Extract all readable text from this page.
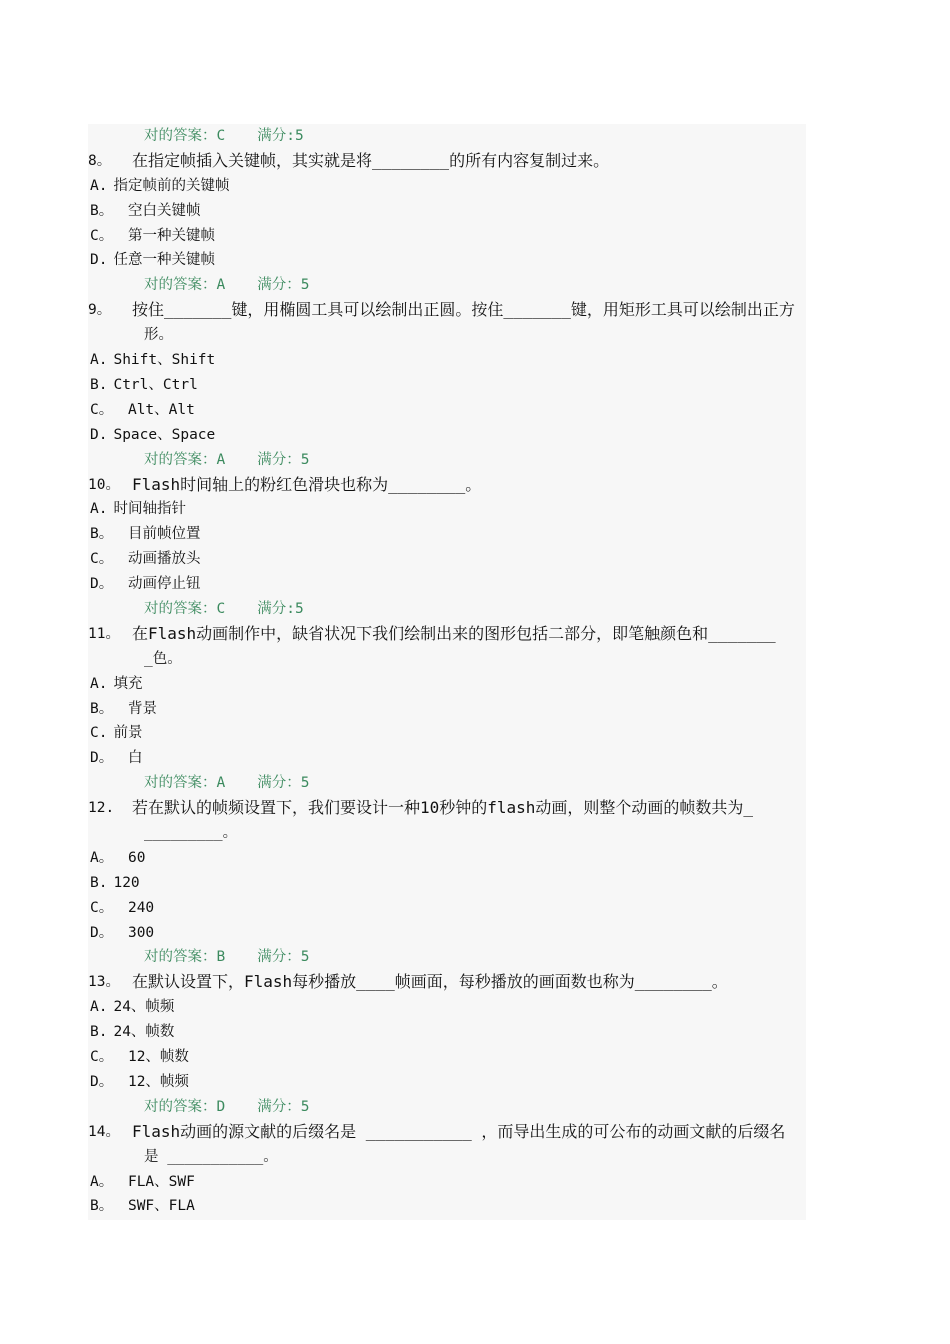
对的答案：C 满分:5
8。	在指定帧插入关键帧，其实就是将________的所有内容复制过来。
A. 指定帧前的关键帧
B。 空白关键帧
C。 第一种关键帧
D. 任意一种关键帧
对的答案：A 满分：5
9。	按住_______键，用椭圆工具可以绘制出正圆。按住_______键，用矩形工具可以绘制出正方
形。
A. Shift、Shift
B. Ctrl、Ctrl
C。 Alt、Alt
D. Space、Space
对的答案：A 满分：5
10。 Flash时间轴上的粉红色滑块也称为________。
A. 时间轴指针
B。 目前帧位置
C。 动画播放头
D。 动画停止钮
对的答案：C 满分:5
11。 在Flash动画制作中，缺省状况下我们绘制出来的图形包括二部分，即笔触颜色和_______
_色。
A. 填充
B。 背景
C. 前景
D。 白
对的答案：A 满分：5
12.	若在默认的帧频设置下，我们要设计一种10秒钟的flash动画，则整个动画的帧数共为_
_________。
A。 60
B. 120
C。 240
D。 300
对的答案：B 满分：5
13。 在默认设置下，Flash每秒播放____帧画面，每秒播放的画面数也称为________。
A. 24、帧频
B. 24、帧数
C。 12、帧数
D。 12、帧频
对的答案：D 满分：5
14。 Flash动画的源文献的后缀名是 ___________ ，而导出生成的可公布的动画文献的后缀名
是 ___________。
A。 FLA、SWF
B。 SWF、FLA
